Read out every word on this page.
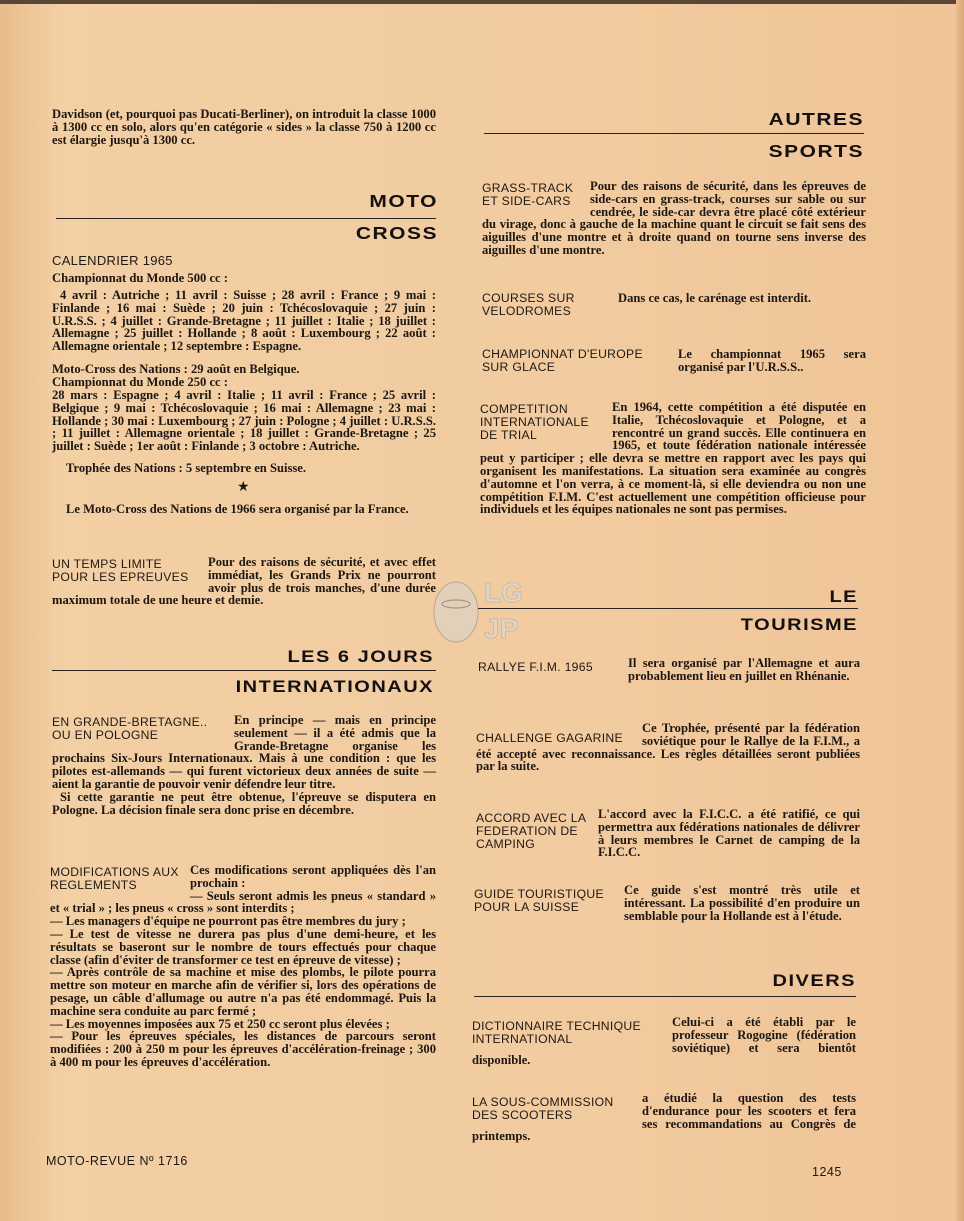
Davidson (et, pourquoi pas Ducati-Berliner), on introduit la classe 1000 à 1300 cc en solo, alors qu'en catégorie « sides » la classe 750 à 1200 cc est élargie jusqu'à 1300 cc.

MOTO
CROSS
CALENDRIER 1965
Championnat du Monde 500 cc :

4 avril : Autriche ; 11 avril : Suisse ; 28 avril : France ; 9 mai : Finlande ; 16 mai : Suède ; 20 juin : Tchécoslovaquie ; 27 juin : U.R.S.S. ; 4 juillet : Grande-Bretagne ; 11 juillet : Italie ; 18 juillet : Allemagne ; 25 juillet : Hollande ; 8 août : Luxembourg ; 22 août : Allemagne orientale ; 12 septembre : Espagne.

Moto-Cross des Nations : 29 août en Belgique.

Championnat du Monde 250 cc :

28 mars : Espagne ; 4 avril : Italie ; 11 avril : France ; 25 avril : Belgique ; 9 mai : Tchécoslovaquie ; 16 mai : Allemagne ; 23 mai : Hollande ; 30 mai : Luxembourg ; 27 juin : Pologne ; 4 juillet : U.R.S.S. ; 11 juillet : Allemagne orientale ; 18 juillet : Grande-Bretagne ; 25 juillet : Suède ; 1er août : Finlande ; 3 octobre : Autriche.

Trophée des Nations : 5 septembre en Suisse.

★

Le Moto-Cross des Nations de 1966 sera organisé par la France.

UN TEMPS LIMITE POUR LES EPREUVES

Pour des raisons de sécurité, et avec effet immédiat, les Grands Prix ne pourront avoir plus de trois manches, d'une durée maximum totale de une heure et demie.

LES 6 JOURS
INTERNATIONAUX
EN GRANDE-BRETAGNE.. OU EN POLOGNE

En principe — mais en principe seulement — il a été admis que la Grande-Bretagne organise les prochains Six-Jours Internationaux. Mais à une condition : que les pilotes est-allemands — qui furent victorieux deux années de suite — aient la garantie de pouvoir venir défendre leur titre.

Si cette garantie ne peut être obtenue, l'épreuve se disputera en Pologne. La décision finale sera donc prise en décembre.

MODIFICATIONS AUX REGLEMENTS

Ces modifications seront appliquées dès l'an prochain :

— Seuls seront admis les pneus « standard » et « trial » ; les pneus « cross » sont interdits ;

— Les managers d'équipe ne pourront pas être membres du jury ;

— Le test de vitesse ne durera pas plus d'une demi-heure, et les résultats se baseront sur le nombre de tours effectués pour chaque classe (afin d'éviter de transformer ce test en épreuve de vitesse) ;

— Après contrôle de sa machine et mise des plombs, le pilote pourra mettre son moteur en marche afin de vérifier si, lors des opérations de pesage, un câble d'allumage ou autre n'a pas été endommagé. Puis la machine sera conduite au parc fermé ;

— Les moyennes imposées aux 75 et 250 cc seront plus élevées ;

— Pour les épreuves spéciales, les distances de parcours seront modifiées : 200 à 250 m pour les épreuves d'accélération-freinage ; 300 à 400 m pour les épreuves d'accélération.

AUTRES
SPORTS
GRASS-TRACK ET SIDE-CARS

Pour des raisons de sécurité, dans les épreuves de side-cars en grass-track, courses sur sable ou sur cendrée, le side-car devra être placé côté extérieur du virage, donc à gauche de la machine quant le circuit se fait sens des aiguilles d'une montre et à droite quand on tourne sens inverse des aiguilles d'une montre.

COURSES SUR VELODROMES

Dans ce cas, le carénage est interdit.

CHAMPIONNAT D'EUROPE SUR GLACE

Le championnat 1965 sera organisé par l'U.R.S.S..

COMPETITION INTERNATIONALE DE TRIAL

En 1964, cette compétition a été disputée en Italie, Tchécoslovaquie et Pologne, et a rencontré un grand succès. Elle continuera en 1965, et toute fédération nationale intéressée peut y participer ; elle devra se mettre en rapport avec les pays qui organisent les manifestations. La situation sera examinée au congrès d'automne et l'on verra, à ce moment-là, si elle deviendra ou non une compétition F.I.M. C'est actuellement une compétition officieuse pour individuels et les équipes nationales ne sont pas permises.

LE
TOURISME
RALLYE F.I.M. 1965	Il sera organisé par l'Allemagne et aura probablement lieu en juillet en Rhénanie.

CHALLENGE GAGARINE

Ce Trophée, présenté par la fédération soviétique pour le Rallye de la F.I.M., a été accepté avec reconnaissance. Les règles détaillées seront publiées par la suite.

ACCORD AVEC LA FEDERATION DE CAMPING

L'accord avec la F.I.C.C. a été ratifié, ce qui permettra aux fédérations nationales de délivrer à leurs membres le Carnet de camping de la F.I.C.C.

GUIDE TOURISTIQUE POUR LA SUISSE

Ce guide s'est montré très utile et intéressant. La possibilité d'en produire un semblable pour la Hollande est à l'étude.

DIVERS
DICTIONNAIRE TECHNIQUE INTERNATIONAL

Celui-ci a été établi par le professeur Rogogine (fédération soviétique) et sera bientôt disponible.

LA SOUS-COMMISSION DES SCOOTERS

a étudié la question des tests d'endurance pour les scooters et fera ses recommandations au Congrès de printemps.

LG
JP
MOTO-REVUE Nº 1716
1245
